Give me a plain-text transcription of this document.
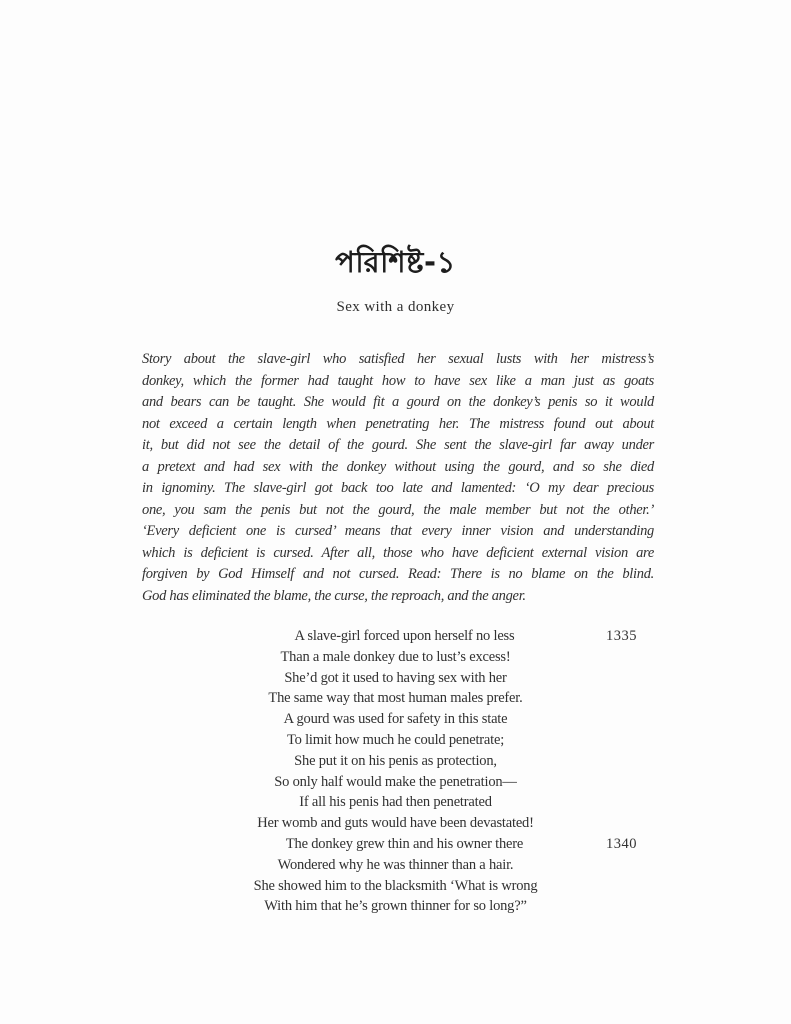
পরিশিষ্ট-১
Sex with a donkey
Story about the slave-girl who satisfied her sexual lusts with her mistress’s
donkey, which the former had taught how to have sex like a man just as goats
and bears can be taught. She would fit a gourd on the donkey’s penis so it would
not exceed a certain length when penetrating her. The mistress found out about
it, but did not see the detail of the gourd. She sent the slave-girl far away under
a pretext and had sex with the donkey without using the gourd, and so she died
in ignominy. The slave-girl got back too late and lamented: ‘O my dear precious
one, you sam the penis but not the gourd, the male member but not the other.’
‘Every deficient one is cursed’ means that every inner vision and understanding
which is deficient is cursed. After all, those who have deficient external vision are
forgiven by God Himself and not cursed. Read: There is no blame on the blind.
God has eliminated the blame, the curse, the reproach, and the anger.
A slave-girl forced upon herself no less	1335
Than a male donkey due to lust’s excess!
She’d got it used to having sex with her
The same way that most human males prefer.
A gourd was used for safety in this state
To limit how much he could penetrate;
She put it on his penis as protection,
So only half would make the penetration—
If all his penis had then penetrated
Her womb and guts would have been devastated!
The donkey grew thin and his owner there	1340
Wondered why he was thinner than a hair.
She showed him to the blacksmith ‘What is wrong
With him that he’s grown thinner for so long?”
